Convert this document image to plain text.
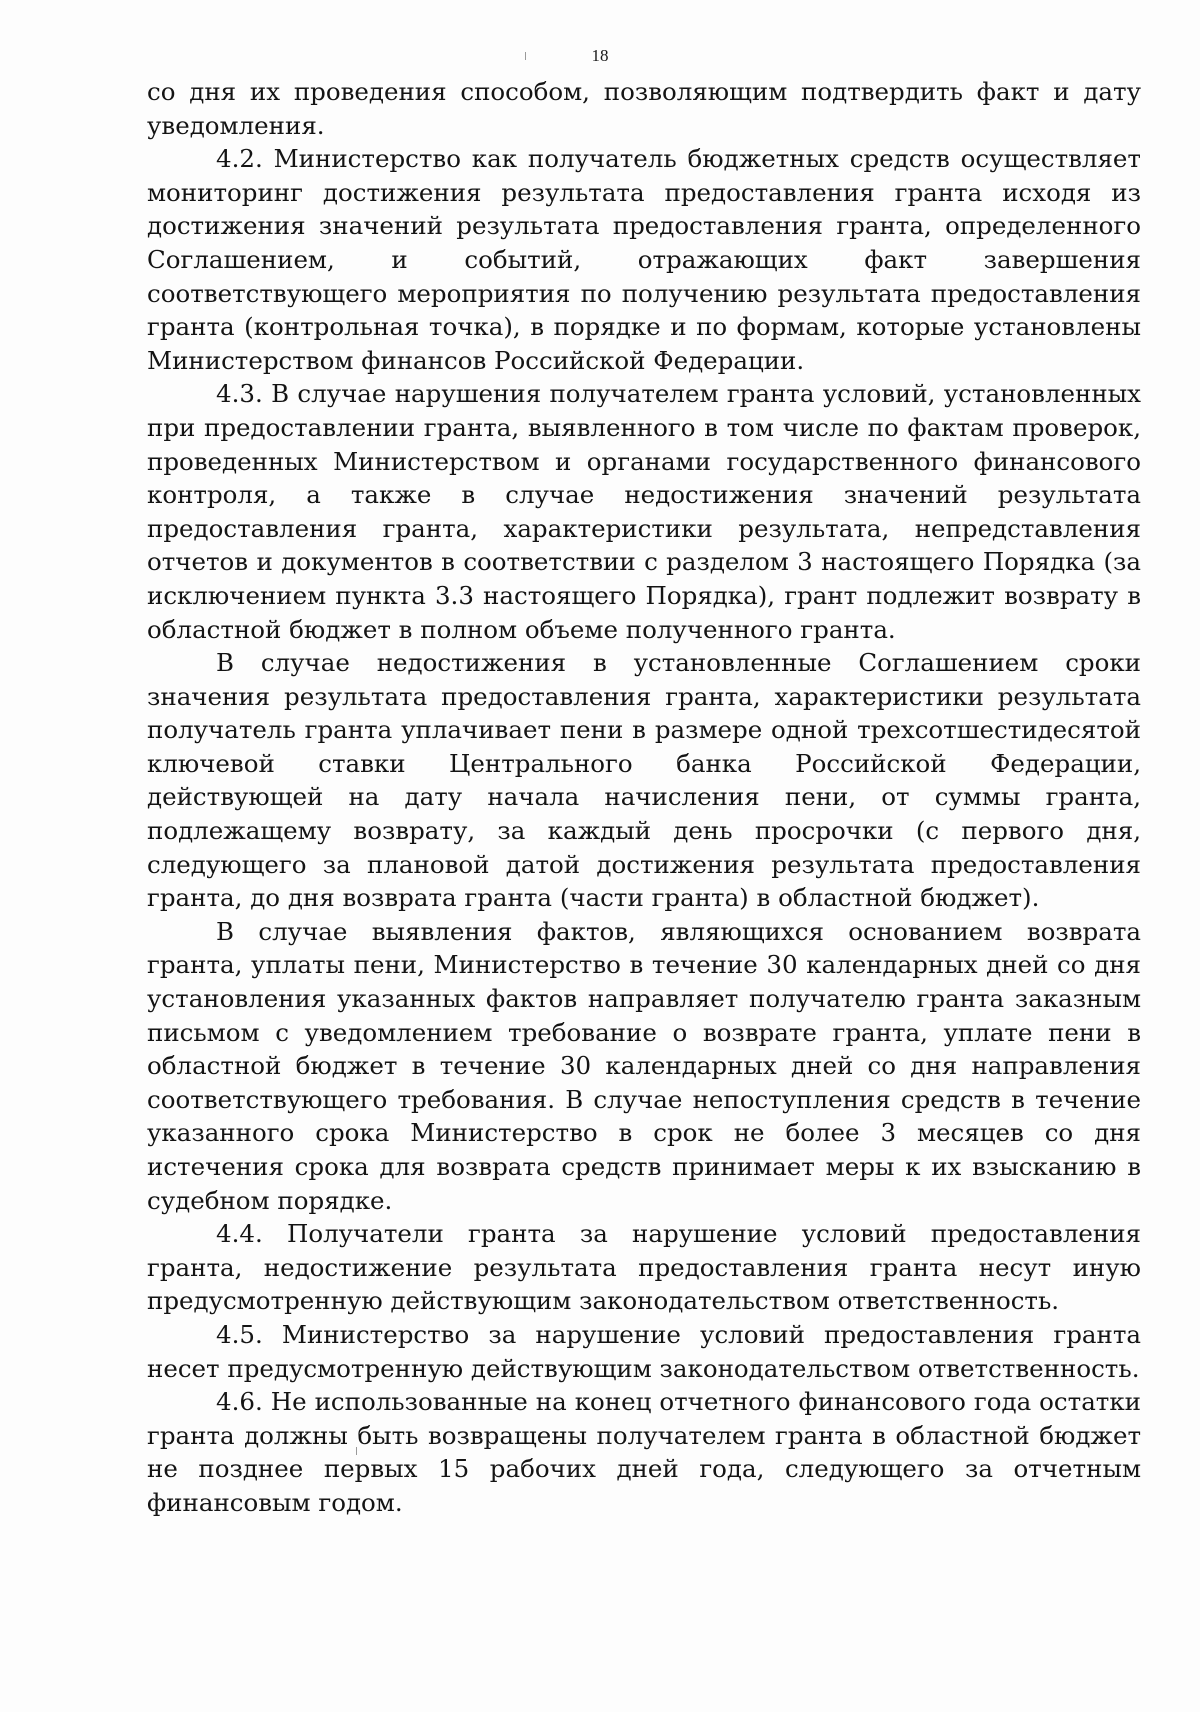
18

со дня их проведения способом, позволяющим подтвердить факт и дату уведомления.

4.2. Министерство как получатель бюджетных средств осуществляет мониторинг достижения результата предоставления гранта исходя из достижения значений результата предоставления гранта, определенного Соглашением, и событий, отражающих факт завершения соответствующего мероприятия по получению результата предоставления гранта (контрольная точка), в порядке и по формам, которые установлены Министерством финансов Российской Федерации.

4.3. В случае нарушения получателем гранта условий, установленных при предоставлении гранта, выявленного в том числе по фактам проверок, проведенных Министерством и органами государственного финансового контроля, а также в случае недостижения значений результата предоставления гранта, характеристики результата, непредставления отчетов и документов в соответствии с разделом 3 настоящего Порядка (за исключением пункта 3.3 настоящего Порядка), грант подлежит возврату в областной бюджет в полном объеме полученного гранта.

В случае недостижения в установленные Соглашением сроки значения результата предоставления гранта, характеристики результата получатель гранта уплачивает пени в размере одной трехсотшестидесятой ключевой ставки Центрального банка Российской Федерации, действующей на дату начала начисления пени, от суммы гранта, подлежащему возврату, за каждый день просрочки (с первого дня, следующего за плановой датой достижения результата предоставления гранта, до дня возврата гранта (части гранта) в областной бюджет).

В случае выявления фактов, являющихся основанием возврата гранта, уплаты пени, Министерство в течение 30 календарных дней со дня установления указанных фактов направляет получателю гранта заказным письмом с уведомлением требование о возврате гранта, уплате пени в областной бюджет в течение 30 календарных дней со дня направления соответствующего требования. В случае непоступления средств в течение указанного срока Министерство в срок не более 3 месяцев со дня истечения срока для возврата средств принимает меры к их взысканию в судебном порядке.

4.4. Получатели гранта за нарушение условий предоставления гранта, недостижение результата предоставления гранта несут иную предусмотренную действующим законодательством ответственность.

4.5. Министерство за нарушение условий предоставления гранта несет предусмотренную действующим законодательством ответственность.

4.6. Не использованные на конец отчетного финансового года остатки гранта должны быть возвращены получателем гранта в областной бюджет не позднее первых 15 рабочих дней года, следующего за отчетным финансовым годом.
